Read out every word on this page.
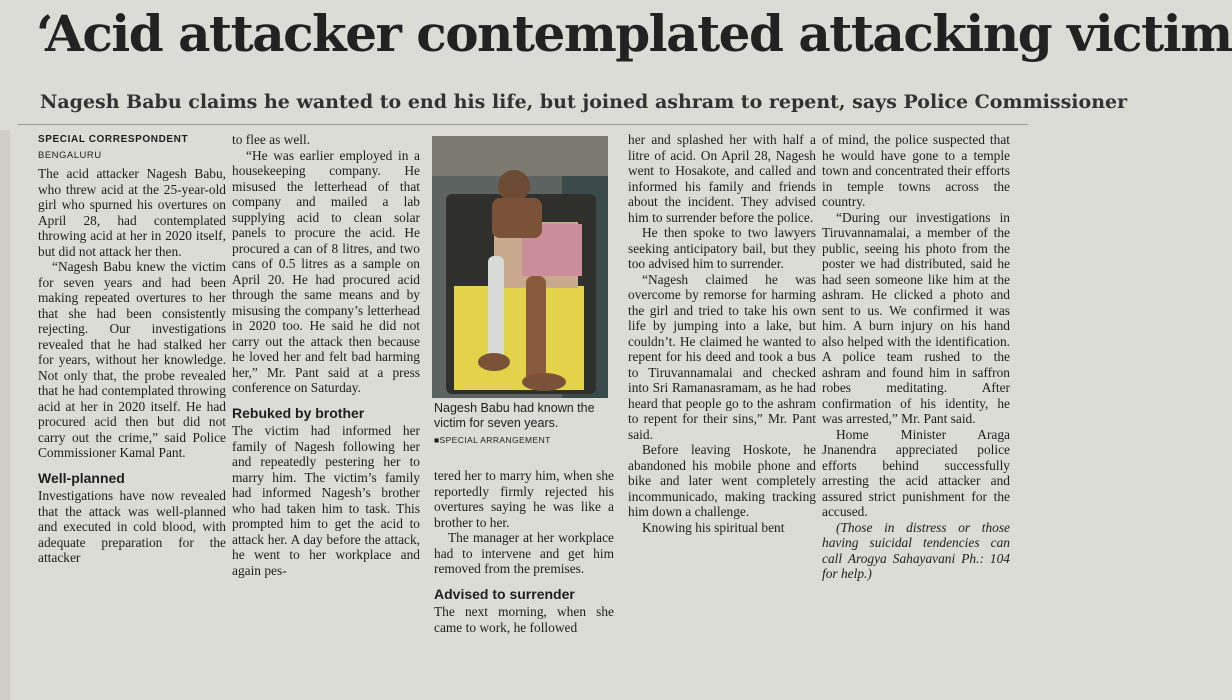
‘Acid attacker contemplated attacking victim
Nagesh Babu claims he wanted to end his life, but joined ashram to repent, says Police Commissioner
SPECIAL CORRESPONDENT
BENGALURU

The acid attacker Nagesh Babu, who threw acid at the 25-year-old girl who spurned his overtures on April 28, had contemplated throwing acid at her in 2020 itself, but did not attack her then.

“Nagesh Babu knew the victim for seven years and had been making repeated overtures to her that she had been consistently rejecting. Our investigations revealed that he had stalked her for years, without her knowledge. Not only that, the probe revealed that he had contemplated throwing acid at her in 2020 itself. He had procured acid then but did not carry out the crime,” said Police Commissioner Kamal Pant.

Well-planned

Investigations have now revealed that the attack was well-planned and executed in cold blood, with adequate preparation for the attacker

to flee as well.

“He was earlier employed in a housekeeping company. He misused the letterhead of that company and mailed a lab supplying acid to clean solar panels to procure the acid. He procured a can of 8 litres, and two cans of 0.5 litres as a sample on April 20. He had procured acid through the same means and by misusing the company’s letterhead in 2020 too. He said he did not carry out the attack then because he loved her and felt bad harming her,” Mr. Pant said at a press conference on Saturday.

Rebuked by brother

The victim had informed her family of Nagesh following her and repeatedly pestering her to marry him. The victim’s family had informed Nagesh’s brother who had taken him to task. This prompted him to get the acid to attack her. A day before the attack, he went to her workplace and again pes-

Nagesh Babu had known the victim for seven years.
■SPECIAL ARRANGEMENT

tered her to marry him, when she reportedly firmly rejected his overtures saying he was like a brother to her.

The manager at her workplace had to intervene and get him removed from the premises.

Advised to surrender

The next morning, when she came to work, he followed

her and splashed her with half a litre of acid. On April 28, Nagesh went to Hosakote, and called and informed his family and friends about the incident. They advised him to surrender before the police.

He then spoke to two lawyers seeking anticipatory bail, but they too advised him to surrender.

“Nagesh claimed he was overcome by remorse for harming the girl and tried to take his own life by jumping into a lake, but couldn’t. He claimed he wanted to repent for his deed and took a bus to Tiruvannamalai and checked into Sri Ramanasramam, as he had heard that people go to the ashram to repent for their sins,” Mr. Pant said.

Before leaving Hoskote, he abandoned his mobile phone and bike and later went completely incommunicado, making tracking him down a challenge.

Knowing his spiritual bent

of mind, the police suspected that he would have gone to a temple town and concentrated their efforts in temple towns across the country.

“During our investigations in Tiruvannamalai, a member of the public, seeing his photo from the poster we had distributed, said he had seen someone like him at the ashram. He clicked a photo and sent to us. We confirmed it was him. A burn injury on his hand also helped with the identification. A police team rushed to the ashram and found him in saffron robes meditating. After confirmation of his identity, he was arrested,” Mr. Pant said.

Home Minister Araga Jnanendra appreciated police efforts behind successfully arresting the acid attacker and assured strict punishment for the accused.

(Those in distress or those having suicidal tendencies can call Arogya Sahayavani Ph.: 104 for help.)
